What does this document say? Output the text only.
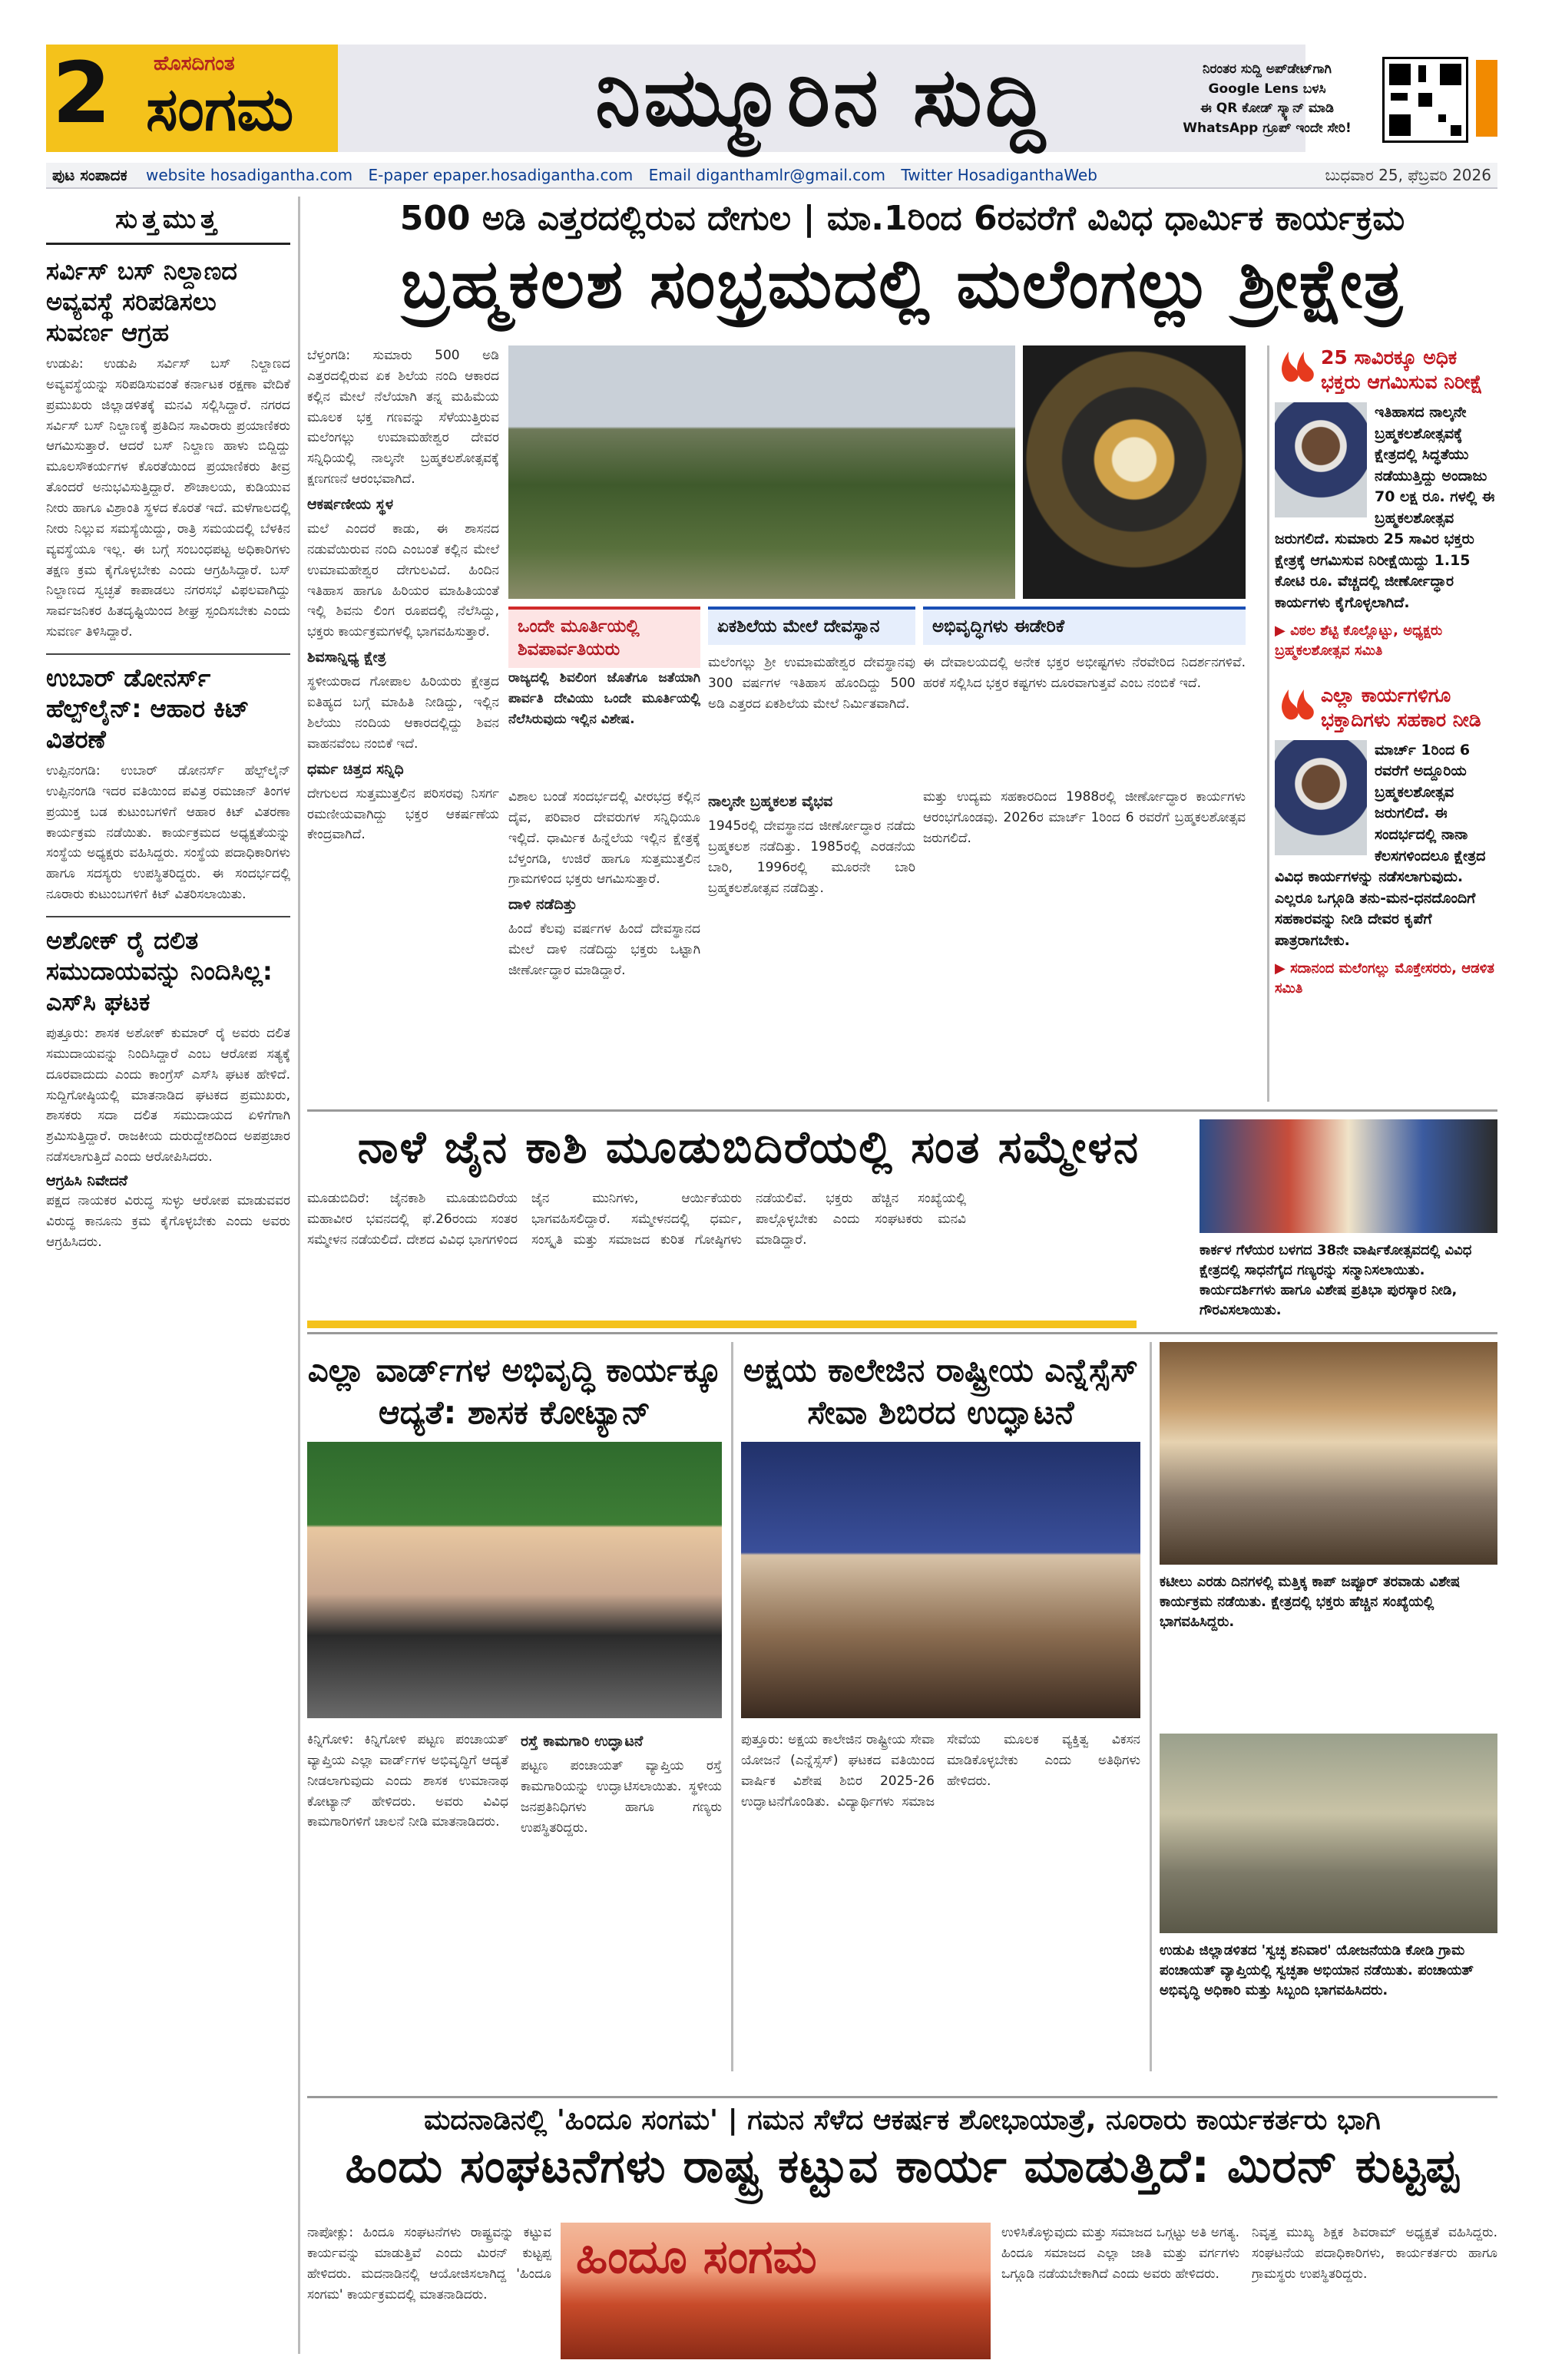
2 ಹೊಸದಿಗಂತ
ಸಂಗಮ	ನಿಮ್ಮೂರಿನ ಸುದ್ದಿ	ನಿರಂತರ ಸುದ್ದಿ ಅಪ್‌ಡೇಟ್‌ಗಾಗಿ
Google Lens ಬಳಸಿ
ಈ QR ಕೋಡ್ ಸ್ಕ್ಯಾನ್ ಮಾಡಿ
WhatsApp ಗ್ರೂಪ್ ಇಂದೇ ಸೇರಿ!
ಪುಟ ಸಂಪಾದಕ	website hosadigantha.com E-paper epaper.hosadigantha.com Email diganthamlr@gmail.com Twitter HosadiganthaWeb	ಬುಧವಾರ 25, ಫೆಬ್ರವರಿ 2026
ಸುತ್ತಮುತ್ತ
ಸರ್ವಿಸ್ ಬಸ್ ನಿಲ್ದಾಣದ ಅವ್ಯವಸ್ಥೆ ಸರಿಪಡಿಸಲು ಸುವರ್ಣ ಆಗ್ರಹ
ಉಡುಪಿ: ಉಡುಪಿ ಸರ್ವಿಸ್ ಬಸ್ ನಿಲ್ದಾಣದ ಅವ್ಯವಸ್ಥೆಯನ್ನು ಸರಿಪಡಿಸುವಂತೆ ಕರ್ನಾಟಕ ರಕ್ಷಣಾ ವೇದಿಕೆ ಪ್ರಮುಖರು ಜಿಲ್ಲಾಡಳಿತಕ್ಕೆ ಮನವಿ ಸಲ್ಲಿಸಿದ್ದಾರೆ. ನಗರದ ಸರ್ವಿಸ್ ಬಸ್ ನಿಲ್ದಾಣಕ್ಕೆ ಪ್ರತಿದಿನ ಸಾವಿರಾರು ಪ್ರಯಾಣಿಕರು ಆಗಮಿಸುತ್ತಾರೆ. ಆದರೆ ಬಸ್ ನಿಲ್ದಾಣ ಹಾಳು ಬಿದ್ದಿದ್ದು ಮೂಲಸೌಕರ್ಯಗಳ ಕೊರತೆಯಿಂದ ಪ್ರಯಾಣಿಕರು ತೀವ್ರ ತೊಂದರೆ ಅನುಭವಿಸುತ್ತಿದ್ದಾರೆ. ಶೌಚಾಲಯ, ಕುಡಿಯುವ ನೀರು ಹಾಗೂ ವಿಶ್ರಾಂತಿ ಸ್ಥಳದ ಕೊರತೆ ಇದೆ. ಮಳೆಗಾಲದಲ್ಲಿ ನೀರು ನಿಲ್ಲುವ ಸಮಸ್ಯೆಯಿದ್ದು, ರಾತ್ರಿ ಸಮಯದಲ್ಲಿ ಬೆಳಕಿನ ವ್ಯವಸ್ಥೆಯೂ ಇಲ್ಲ. ಈ ಬಗ್ಗೆ ಸಂಬಂಧಪಟ್ಟ ಅಧಿಕಾರಿಗಳು ತಕ್ಷಣ ಕ್ರಮ ಕೈಗೊಳ್ಳಬೇಕು ಎಂದು ಆಗ್ರಹಿಸಿದ್ದಾರೆ. ಬಸ್ ನಿಲ್ದಾಣದ ಸ್ವಚ್ಛತೆ ಕಾಪಾಡಲು ನಗರಸಭೆ ವಿಫಲವಾಗಿದ್ದು ಸಾರ್ವಜನಿಕರ ಹಿತದೃಷ್ಟಿಯಿಂದ ಶೀಘ್ರ ಸ್ಪಂದಿಸಬೇಕು ಎಂದು ಸುವರ್ಣ ತಿಳಿಸಿದ್ದಾರೆ.
ಉಬಾರ್ ಡೋನರ್ಸ್ ಹೆಲ್ಪ್‌ಲೈನ್: ಆಹಾರ ಕಿಟ್ ವಿತರಣೆ
ಉಪ್ಪಿನಂಗಡಿ: ಉಬಾರ್ ಡೋನರ್ಸ್ ಹೆಲ್ಪ್‌ಲೈನ್ ಉಪ್ಪಿನಂಗಡಿ ಇದರ ವತಿಯಿಂದ ಪವಿತ್ರ ರಮಜಾನ್ ತಿಂಗಳ ಪ್ರಯುಕ್ತ ಬಡ ಕುಟುಂಬಗಳಿಗೆ ಆಹಾರ ಕಿಟ್ ವಿತರಣಾ ಕಾರ್ಯಕ್ರಮ ನಡೆಯಿತು. ಕಾರ್ಯಕ್ರಮದ ಅಧ್ಯಕ್ಷತೆಯನ್ನು ಸಂಸ್ಥೆಯ ಅಧ್ಯಕ್ಷರು ವಹಿಸಿದ್ದರು. ಸಂಸ್ಥೆಯ ಪದಾಧಿಕಾರಿಗಳು ಹಾಗೂ ಸದಸ್ಯರು ಉಪಸ್ಥಿತರಿದ್ದರು. ಈ ಸಂದರ್ಭದಲ್ಲಿ ನೂರಾರು ಕುಟುಂಬಗಳಿಗೆ ಕಿಟ್ ವಿತರಿಸಲಾಯಿತು.
ಅಶೋಕ್ ರೈ ದಲಿತ ಸಮುದಾಯವನ್ನು ನಿಂದಿಸಿಲ್ಲ: ಎಸ್‌ಸಿ ಘಟಕ
ಪುತ್ತೂರು: ಶಾಸಕ ಅಶೋಕ್ ಕುಮಾರ್ ರೈ ಅವರು ದಲಿತ ಸಮುದಾಯವನ್ನು ನಿಂದಿಸಿದ್ದಾರೆ ಎಂಬ ಆರೋಪ ಸತ್ಯಕ್ಕೆ ದೂರವಾದುದು ಎಂದು ಕಾಂಗ್ರೆಸ್ ಎಸ್‌ಸಿ ಘಟಕ ಹೇಳಿದೆ. ಸುದ್ದಿಗೋಷ್ಠಿಯಲ್ಲಿ ಮಾತನಾಡಿದ ಘಟಕದ ಪ್ರಮುಖರು, ಶಾಸಕರು ಸದಾ ದಲಿತ ಸಮುದಾಯದ ಏಳಿಗೆಗಾಗಿ ಶ್ರಮಿಸುತ್ತಿದ್ದಾರೆ. ರಾಜಕೀಯ ದುರುದ್ದೇಶದಿಂದ ಅಪಪ್ರಚಾರ ನಡೆಸಲಾಗುತ್ತಿದೆ ಎಂದು ಆರೋಪಿಸಿದರು.
ಆಗ್ರಹಿಸಿ ನಿವೇದನೆ
ಪಕ್ಷದ ನಾಯಕರ ವಿರುದ್ಧ ಸುಳ್ಳು ಆರೋಪ ಮಾಡುವವರ ವಿರುದ್ಧ ಕಾನೂನು ಕ್ರಮ ಕೈಗೊಳ್ಳಬೇಕು ಎಂದು ಅವರು ಆಗ್ರಹಿಸಿದರು.
500 ಅಡಿ ಎತ್ತರದಲ್ಲಿರುವ ದೇಗುಲ | ಮಾ.1ರಿಂದ 6ರವರೆಗೆ ವಿವಿಧ ಧಾರ್ಮಿಕ ಕಾರ್ಯಕ್ರಮ
ಬ್ರಹ್ಮಕಲಶ ಸಂಭ್ರಮದಲ್ಲಿ ಮಲೆಂಗಲ್ಲು ಶ್ರೀಕ್ಷೇತ್ರ
ಬೆಳ್ತಂಗಡಿ: ಸುಮಾರು 500 ಅಡಿ ಎತ್ತರದಲ್ಲಿರುವ ಏಕ ಶಿಲೆಯ ನಂದಿ ಆಕಾರದ ಕಲ್ಲಿನ ಮೇಲೆ ನೆಲೆಯಾಗಿ ತನ್ನ ಮಹಿಮೆಯ ಮೂಲಕ ಭಕ್ತ ಗಣವನ್ನು ಸೆಳೆಯುತ್ತಿರುವ ಮಲೆಂಗಲ್ಲು ಉಮಾಮಹೇಶ್ವರ ದೇವರ ಸನ್ನಿಧಿಯಲ್ಲಿ ನಾಲ್ಕನೇ ಬ್ರಹ್ಮಕಲಶೋತ್ಸವಕ್ಕೆ ಕ್ಷಣಗಣನೆ ಆರಂಭವಾಗಿದೆ.
ಆಕರ್ಷಣೀಯ ಸ್ಥಳ
ಮಲೆ ಎಂದರೆ ಕಾಡು, ಈ ಶಾಸನದ ನಡುವೆಯಿರುವ ನಂದಿ ಎಂಬಂತೆ ಕಲ್ಲಿನ ಮೇಲೆ ಉಮಾಮಹೇಶ್ವರ ದೇಗುಲವಿದೆ. ಹಿಂದಿನ ಇತಿಹಾಸ ಹಾಗೂ ಹಿರಿಯರ ಮಾಹಿತಿಯಂತೆ ಇಲ್ಲಿ ಶಿವನು ಲಿಂಗ ರೂಪದಲ್ಲಿ ನೆಲೆಸಿದ್ದು, ಭಕ್ತರು ಕಾರ್ಯಕ್ರಮಗಳಲ್ಲಿ ಭಾಗವಹಿಸುತ್ತಾರೆ.
ಶಿವಸಾನ್ನಿಧ್ಯ ಕ್ಷೇತ್ರ
ಸ್ಥಳೀಯರಾದ ಗೋಪಾಲ ಹಿರಿಯರು ಕ್ಷೇತ್ರದ ಐತಿಹ್ಯದ ಬಗ್ಗೆ ಮಾಹಿತಿ ನೀಡಿದ್ದು, ಇಲ್ಲಿನ ಶಿಲೆಯು ನಂದಿಯ ಆಕಾರದಲ್ಲಿದ್ದು ಶಿವನ ವಾಹನವೆಂಬ ನಂಬಿಕೆ ಇದೆ.
ಧರ್ಮ ಚಿತ್ತದ ಸನ್ನಿಧಿ
ದೇಗುಲದ ಸುತ್ತಮುತ್ತಲಿನ ಪರಿಸರವು ನಿಸರ್ಗ ರಮಣೀಯವಾಗಿದ್ದು ಭಕ್ತರ ಆಕರ್ಷಣೆಯ ಕೇಂದ್ರವಾಗಿದೆ.
ಒಂದೇ ಮೂರ್ತಿಯಲ್ಲಿ ಶಿವಪಾರ್ವತಿಯರು
ರಾಜ್ಯದಲ್ಲಿ ಶಿವಲಿಂಗ ಜೊತೆಗೂ ಜತೆಯಾಗಿ ಪಾರ್ವತಿ ದೇವಿಯು ಒಂದೇ ಮೂರ್ತಿಯಲ್ಲಿ ನೆಲೆಸಿರುವುದು ಇಲ್ಲಿನ ವಿಶೇಷ.
ಏಕಶಿಲೆಯ ಮೇಲೆ ದೇವಸ್ಥಾನ
ಮಲೆಂಗಲ್ಲು ಶ್ರೀ ಉಮಾಮಹೇಶ್ವರ ದೇವಸ್ಥಾನವು 300 ವರ್ಷಗಳ ಇತಿಹಾಸ ಹೊಂದಿದ್ದು 500 ಅಡಿ ಎತ್ತರದ ಏಕಶಿಲೆಯ ಮೇಲೆ ನಿರ್ಮಿತವಾಗಿದೆ.
ಅಭಿವೃದ್ಧಿಗಳು ಈಡೇರಿಕೆ
ಈ ದೇವಾಲಯದಲ್ಲಿ ಅನೇಕ ಭಕ್ತರ ಅಭೀಷ್ಟಗಳು ನೆರವೇರಿದ ನಿದರ್ಶನಗಳಿವೆ. ಹರಕೆ ಸಲ್ಲಿಸಿದ ಭಕ್ತರ ಕಷ್ಟಗಳು ದೂರವಾಗುತ್ತವೆ ಎಂಬ ನಂಬಿಕೆ ಇದೆ.
ವಿಶಾಲ ಬಂಡೆ ಸಂದರ್ಭದಲ್ಲಿ ವೀರಭದ್ರ ಕಲ್ಲಿನ ದೈವ, ಪರಿವಾರ ದೇವರುಗಳ ಸನ್ನಿಧಿಯೂ ಇಲ್ಲಿದೆ. ಧಾರ್ಮಿಕ ಹಿನ್ನೆಲೆಯ ಇಲ್ಲಿನ ಕ್ಷೇತ್ರಕ್ಕೆ ಬೆಳ್ತಂಗಡಿ, ಉಜಿರೆ ಹಾಗೂ ಸುತ್ತಮುತ್ತಲಿನ ಗ್ರಾಮಗಳಿಂದ ಭಕ್ತರು ಆಗಮಿಸುತ್ತಾರೆ.
ದಾಳಿ ನಡೆದಿತ್ತು
ಹಿಂದೆ ಕೆಲವು ವರ್ಷಗಳ ಹಿಂದೆ ದೇವಸ್ಥಾನದ ಮೇಲೆ ದಾಳಿ ನಡೆದಿದ್ದು ಭಕ್ತರು ಒಟ್ಟಾಗಿ ಜೀರ್ಣೋದ್ಧಾರ ಮಾಡಿದ್ದಾರೆ.
ನಾಲ್ಕನೇ ಬ್ರಹ್ಮಕಲಶ ವೈಭವ
1945ರಲ್ಲಿ ದೇವಸ್ಥಾನದ ಜೀರ್ಣೋದ್ಧಾರ ನಡೆದು ಬ್ರಹ್ಮಕಲಶ ನಡೆದಿತ್ತು. 1985ರಲ್ಲಿ ಎರಡನೆಯ ಬಾರಿ, 1996ರಲ್ಲಿ ಮೂರನೇ ಬಾರಿ ಬ್ರಹ್ಮಕಲಶೋತ್ಸವ ನಡೆದಿತ್ತು.
ಮತ್ತು ಉದ್ಯಮ ಸಹಕಾರದಿಂದ 1988ರಲ್ಲಿ ಜೀರ್ಣೋದ್ಧಾರ ಕಾರ್ಯಗಳು ಆರಂಭಗೊಂಡವು. 2026ರ ಮಾರ್ಚ್ 1ರಿಂದ 6 ರವರೆಗೆ ಬ್ರಹ್ಮಕಲಶೋತ್ಸವ ಜರುಗಲಿದೆ.
25 ಸಾವಿರಕ್ಕೂ ಅಧಿಕ ಭಕ್ತರು ಆಗಮಿಸುವ ನಿರೀಕ್ಷೆ
ಇತಿಹಾಸದ ನಾಲ್ಕನೇ ಬ್ರಹ್ಮಕಲಶೋತ್ಸವಕ್ಕೆ ಕ್ಷೇತ್ರದಲ್ಲಿ ಸಿದ್ಧತೆಯು ನಡೆಯುತ್ತಿದ್ದು ಅಂದಾಜು 70 ಲಕ್ಷ ರೂ. ಗಳಲ್ಲಿ ಈ ಬ್ರಹ್ಮಕಲಶೋತ್ಸವ ಜರುಗಲಿದೆ. ಸುಮಾರು 25 ಸಾವಿರ ಭಕ್ತರು ಕ್ಷೇತ್ರಕ್ಕೆ ಆಗಮಿಸುವ ನಿರೀಕ್ಷೆಯಿದ್ದು 1.15 ಕೋಟಿ ರೂ. ವೆಚ್ಚದಲ್ಲಿ ಜೀರ್ಣೋದ್ಧಾರ ಕಾರ್ಯಗಳು ಕೈಗೊಳ್ಳಲಾಗಿದೆ.
▶ ವಿಠಲ ಶೆಟ್ಟಿ ಕೊಲ್ಲೊಟ್ಟು, ಅಧ್ಯಕ್ಷರು ಬ್ರಹ್ಮಕಲಶೋತ್ಸವ ಸಮಿತಿ
ಎಲ್ಲಾ ಕಾರ್ಯಗಳಿಗೂ ಭಕ್ತಾದಿಗಳು ಸಹಕಾರ ನೀಡಿ
ಮಾರ್ಚ್ 1ರಿಂದ 6 ರವರೆಗೆ ಅದ್ದೂರಿಯ ಬ್ರಹ್ಮಕಲಶೋತ್ಸವ ಜರುಗಲಿದೆ. ಈ ಸಂದರ್ಭದಲ್ಲಿ ನಾನಾ ಕೆಲಸಗಳಿಂದಲೂ ಕ್ಷೇತ್ರದ ವಿವಿಧ ಕಾರ್ಯಗಳನ್ನು ನಡೆಸಲಾಗುವುದು. ಎಲ್ಲರೂ ಒಗ್ಗೂಡಿ ತನು-ಮನ-ಧನದೊಂದಿಗೆ ಸಹಕಾರವನ್ನು ನೀಡಿ ದೇವರ ಕೃಪೆಗೆ ಪಾತ್ರರಾಗಬೇಕು.
▶ ಸದಾನಂದ ಮಲೆಂಗಲ್ಲು ಮೊಕ್ತೇಸರರು, ಆಡಳಿತ ಸಮಿತಿ
ನಾಳೆ ಜೈನ ಕಾಶಿ ಮೂಡುಬಿದಿರೆಯಲ್ಲಿ ಸಂತ ಸಮ್ಮೇಳನ
ಮೂಡುಬಿದಿರೆ: ಜೈನಕಾಶಿ ಮೂಡುಬಿದಿರೆಯ ಮಹಾವೀರ ಭವನದಲ್ಲಿ ಫೆ.26ರಂದು ಸಂತರ ಸಮ್ಮೇಳನ ನಡೆಯಲಿದೆ. ದೇಶದ ವಿವಿಧ ಭಾಗಗಳಿಂದ ಜೈನ ಮುನಿಗಳು, ಆರ್ಯಿಕೆಯರು ಭಾಗವಹಿಸಲಿದ್ದಾರೆ. ಸಮ್ಮೇಳನದಲ್ಲಿ ಧರ್ಮ, ಸಂಸ್ಕೃತಿ ಮತ್ತು ಸಮಾಜದ ಕುರಿತ ಗೋಷ್ಠಿಗಳು ನಡೆಯಲಿವೆ. ಭಕ್ತರು ಹೆಚ್ಚಿನ ಸಂಖ್ಯೆಯಲ್ಲಿ ಪಾಲ್ಗೊಳ್ಳಬೇಕು ಎಂದು ಸಂಘಟಕರು ಮನವಿ ಮಾಡಿದ್ದಾರೆ.
ಕಾರ್ಕಳ ಗೆಳೆಯರ ಬಳಗದ 38ನೇ ವಾರ್ಷಿಕೋತ್ಸವದಲ್ಲಿ ವಿವಿಧ ಕ್ಷೇತ್ರದಲ್ಲಿ ಸಾಧನೆಗೈದ ಗಣ್ಯರನ್ನು ಸನ್ಮಾನಿಸಲಾಯಿತು. ಕಾರ್ಯದರ್ಶಿಗಳು ಹಾಗೂ ವಿಶೇಷ ಪ್ರತಿಭಾ ಪುರಸ್ಕಾರ ನೀಡಿ, ಗೌರವಿಸಲಾಯಿತು.
ಎಲ್ಲಾ ವಾರ್ಡ್‌ಗಳ ಅಭಿವೃದ್ಧಿ ಕಾರ್ಯಕ್ಕೂ ಆದ್ಯತೆ: ಶಾಸಕ ಕೋಟ್ಯಾನ್
ಕಿನ್ನಿಗೋಳಿ: ಕಿನ್ನಿಗೋಳಿ ಪಟ್ಟಣ ಪಂಚಾಯತ್ ವ್ಯಾಪ್ತಿಯ ಎಲ್ಲಾ ವಾರ್ಡ್‌ಗಳ ಅಭಿವೃದ್ಧಿಗೆ ಆದ್ಯತೆ ನೀಡಲಾಗುವುದು ಎಂದು ಶಾಸಕ ಉಮಾನಾಥ ಕೋಟ್ಯಾನ್ ಹೇಳಿದರು. ಅವರು ವಿವಿಧ ಕಾಮಗಾರಿಗಳಿಗೆ ಚಾಲನೆ ನೀಡಿ ಮಾತನಾಡಿದರು.
ರಸ್ತೆ ಕಾಮಗಾರಿ ಉದ್ಘಾಟನೆ
ಪಟ್ಟಣ ಪಂಚಾಯತ್ ವ್ಯಾಪ್ತಿಯ ರಸ್ತೆ ಕಾಮಗಾರಿಯನ್ನು ಉದ್ಘಾಟಿಸಲಾಯಿತು. ಸ್ಥಳೀಯ ಜನಪ್ರತಿನಿಧಿಗಳು ಹಾಗೂ ಗಣ್ಯರು ಉಪಸ್ಥಿತರಿದ್ದರು.
ಅಕ್ಷಯ ಕಾಲೇಜಿನ ರಾಷ್ಟ್ರೀಯ ಎನ್ನೆಸ್ಸೆಸ್ ಸೇವಾ ಶಿಬಿರದ ಉದ್ಘಾಟನೆ
ಪುತ್ತೂರು: ಅಕ್ಷಯ ಕಾಲೇಜಿನ ರಾಷ್ಟ್ರೀಯ ಸೇವಾ ಯೋಜನೆ (ಎನ್ನೆಸ್ಸೆಸ್) ಘಟಕದ ವತಿಯಿಂದ ವಾರ್ಷಿಕ ವಿಶೇಷ ಶಿಬಿರ 2025-26 ಉದ್ಘಾಟನೆಗೊಂಡಿತು. ವಿದ್ಯಾರ್ಥಿಗಳು ಸಮಾಜ ಸೇವೆಯ ಮೂಲಕ ವ್ಯಕ್ತಿತ್ವ ವಿಕಸನ ಮಾಡಿಕೊಳ್ಳಬೇಕು ಎಂದು ಅತಿಥಿಗಳು ಹೇಳಿದರು.
ಕಟೀಲು ಎರಡು ದಿನಗಳಲ್ಲಿ ಮತ್ತಿಕ್ಕ ಕಾಪ್ ಜಪ್ಪೂರ್ ತರವಾಡು ವಿಶೇಷ ಕಾರ್ಯಕ್ರಮ ನಡೆಯಿತು. ಕ್ಷೇತ್ರದಲ್ಲಿ ಭಕ್ತರು ಹೆಚ್ಚಿನ ಸಂಖ್ಯೆಯಲ್ಲಿ ಭಾಗವಹಿಸಿದ್ದರು.
ಉಡುಪಿ ಜಿಲ್ಲಾಡಳಿತದ 'ಸ್ವಚ್ಛ ಶನಿವಾರ' ಯೋಜನೆಯಡಿ ಕೋಡಿ ಗ್ರಾಮ ಪಂಚಾಯತ್ ವ್ಯಾಪ್ತಿಯಲ್ಲಿ ಸ್ವಚ್ಛತಾ ಅಭಿಯಾನ ನಡೆಯಿತು. ಪಂಚಾಯತ್ ಅಭಿವೃದ್ಧಿ ಅಧಿಕಾರಿ ಮತ್ತು ಸಿಬ್ಬಂದಿ ಭಾಗವಹಿಸಿದರು.
ಮದನಾಡಿನಲ್ಲಿ 'ಹಿಂದೂ ಸಂಗಮ' | ಗಮನ ಸೆಳೆದ ಆಕರ್ಷಕ ಶೋಭಾಯಾತ್ರೆ, ನೂರಾರು ಕಾರ್ಯಕರ್ತರು ಭಾಗಿ
ಹಿಂದು ಸಂಘಟನೆಗಳು ರಾಷ್ಟ್ರ ಕಟ್ಟುವ ಕಾರ್ಯ ಮಾಡುತ್ತಿದೆ: ಮಿರನ್ ಕುಟ್ಟಪ್ಪ
ನಾಪೋಕ್ಲು: ಹಿಂದೂ ಸಂಘಟನೆಗಳು ರಾಷ್ಟ್ರವನ್ನು ಕಟ್ಟುವ ಕಾರ್ಯವನ್ನು ಮಾಡುತ್ತಿವೆ ಎಂದು ಮಿರನ್ ಕುಟ್ಟಪ್ಪ ಹೇಳಿದರು. ಮದನಾಡಿನಲ್ಲಿ ಆಯೋಜಿಸಲಾಗಿದ್ದ 'ಹಿಂದೂ ಸಂಗಮ' ಕಾರ್ಯಕ್ರಮದಲ್ಲಿ ಮಾತನಾಡಿದರು.
ಹಿಂದೂ ಸಂಗಮ	ಉಳಿಸಿಕೊಳ್ಳುವುದು ಮತ್ತು ಸಮಾಜದ ಒಗ್ಗಟ್ಟು ಅತಿ ಅಗತ್ಯ. ಹಿಂದೂ ಸಮಾಜದ ಎಲ್ಲಾ ಜಾತಿ ಮತ್ತು ವರ್ಗಗಳು ಒಗ್ಗೂಡಿ ನಡೆಯಬೇಕಾಗಿದೆ ಎಂದು ಅವರು ಹೇಳಿದರು.
ನಿವೃತ್ತ ಮುಖ್ಯ ಶಿಕ್ಷಕ ಶಿವರಾಮ್ ಅಧ್ಯಕ್ಷತೆ ವಹಿಸಿದ್ದರು. ಸಂಘಟನೆಯ ಪದಾಧಿಕಾರಿಗಳು, ಕಾರ್ಯಕರ್ತರು ಹಾಗೂ ಗ್ರಾಮಸ್ಥರು ಉಪಸ್ಥಿತರಿದ್ದರು.
